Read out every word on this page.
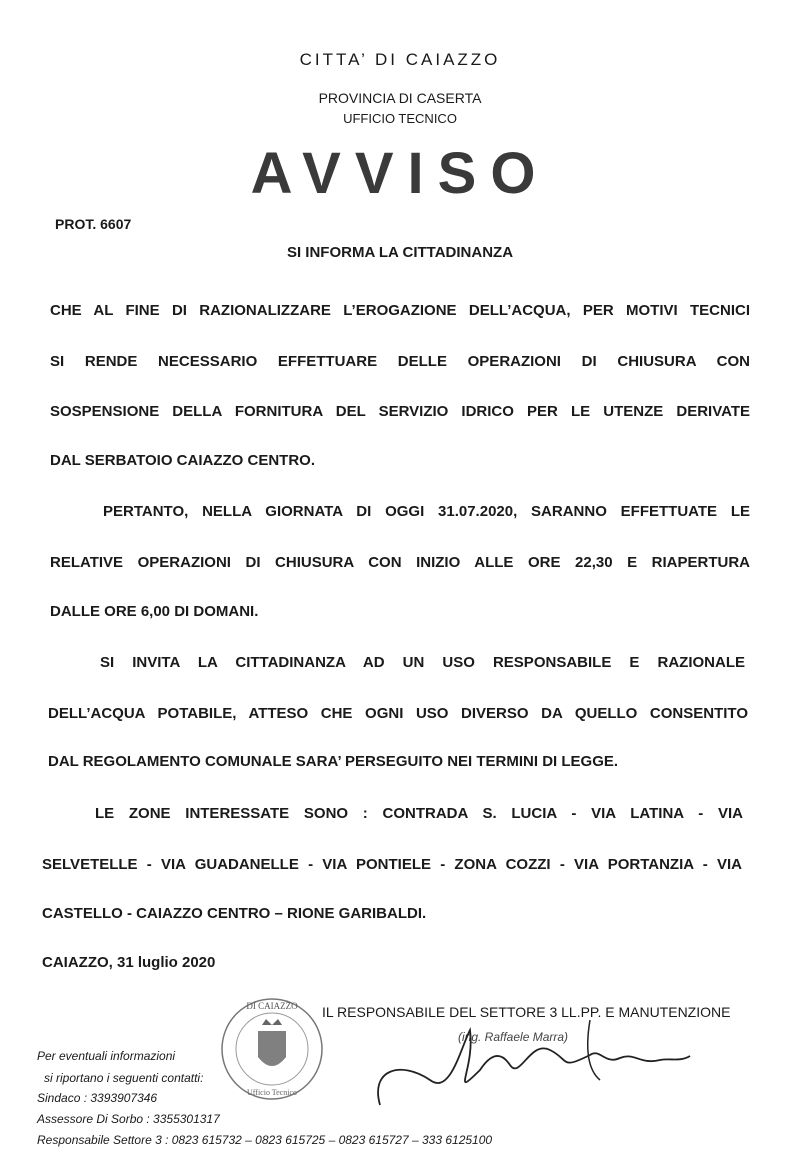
CITTA’ DI CAIAZZO
PROVINCIA DI CASERTA
UFFICIO TECNICO
AVVISO
PROT. 6607
SI INFORMA LA CITTADINANZA
CHE AL FINE DI RAZIONALIZZARE L’EROGAZIONE DELL’ACQUA, PER MOTIVI TECNICI
SI RENDE NECESSARIO EFFETTUARE DELLE OPERAZIONI DI CHIUSURA CON
SOSPENSIONE DELLA FORNITURA DEL SERVIZIO IDRICO PER LE UTENZE DERIVATE
DAL SERBATOIO CAIAZZO CENTRO.
PERTANTO, NELLA GIORNATA DI OGGI 31.07.2020, SARANNO EFFETTUATE LE
RELATIVE OPERAZIONI DI CHIUSURA CON INIZIO ALLE ORE 22,30 E RIAPERTURA
DALLE ORE 6,00 DI DOMANI.
SI INVITA LA CITTADINANZA AD UN USO RESPONSABILE E RAZIONALE
DELL’ACQUA POTABILE, ATTESO CHE OGNI USO DIVERSO DA QUELLO CONSENTITO
DAL REGOLAMENTO COMUNALE SARA’ PERSEGUITO NEI TERMINI DI LEGGE.
LE ZONE INTERESSATE SONO : CONTRADA S. LUCIA - VIA LATINA - VIA
SELVETELLE - VIA GUADANELLE - VIA PONTIELE - ZONA COZZI - VIA PORTANZIA - VIA
CASTELLO - CAIAZZO CENTRO – RIONE GARIBALDI.
CAIAZZO, 31 luglio 2020
DI CAIAZZO
Ufficio Tecnico
IL RESPONSABILE DEL SETTORE 3 LL.PP. E MANUTENZIONE
(ing. Raffaele Marra)
Per eventuali informazioni
si riportano i seguenti contatti:
Sindaco : 3393907346
Assessore Di Sorbo : 3355301317
Responsabile Settore 3 : 0823 615732 – 0823 615725 – 0823 615727 – 333 6125100
